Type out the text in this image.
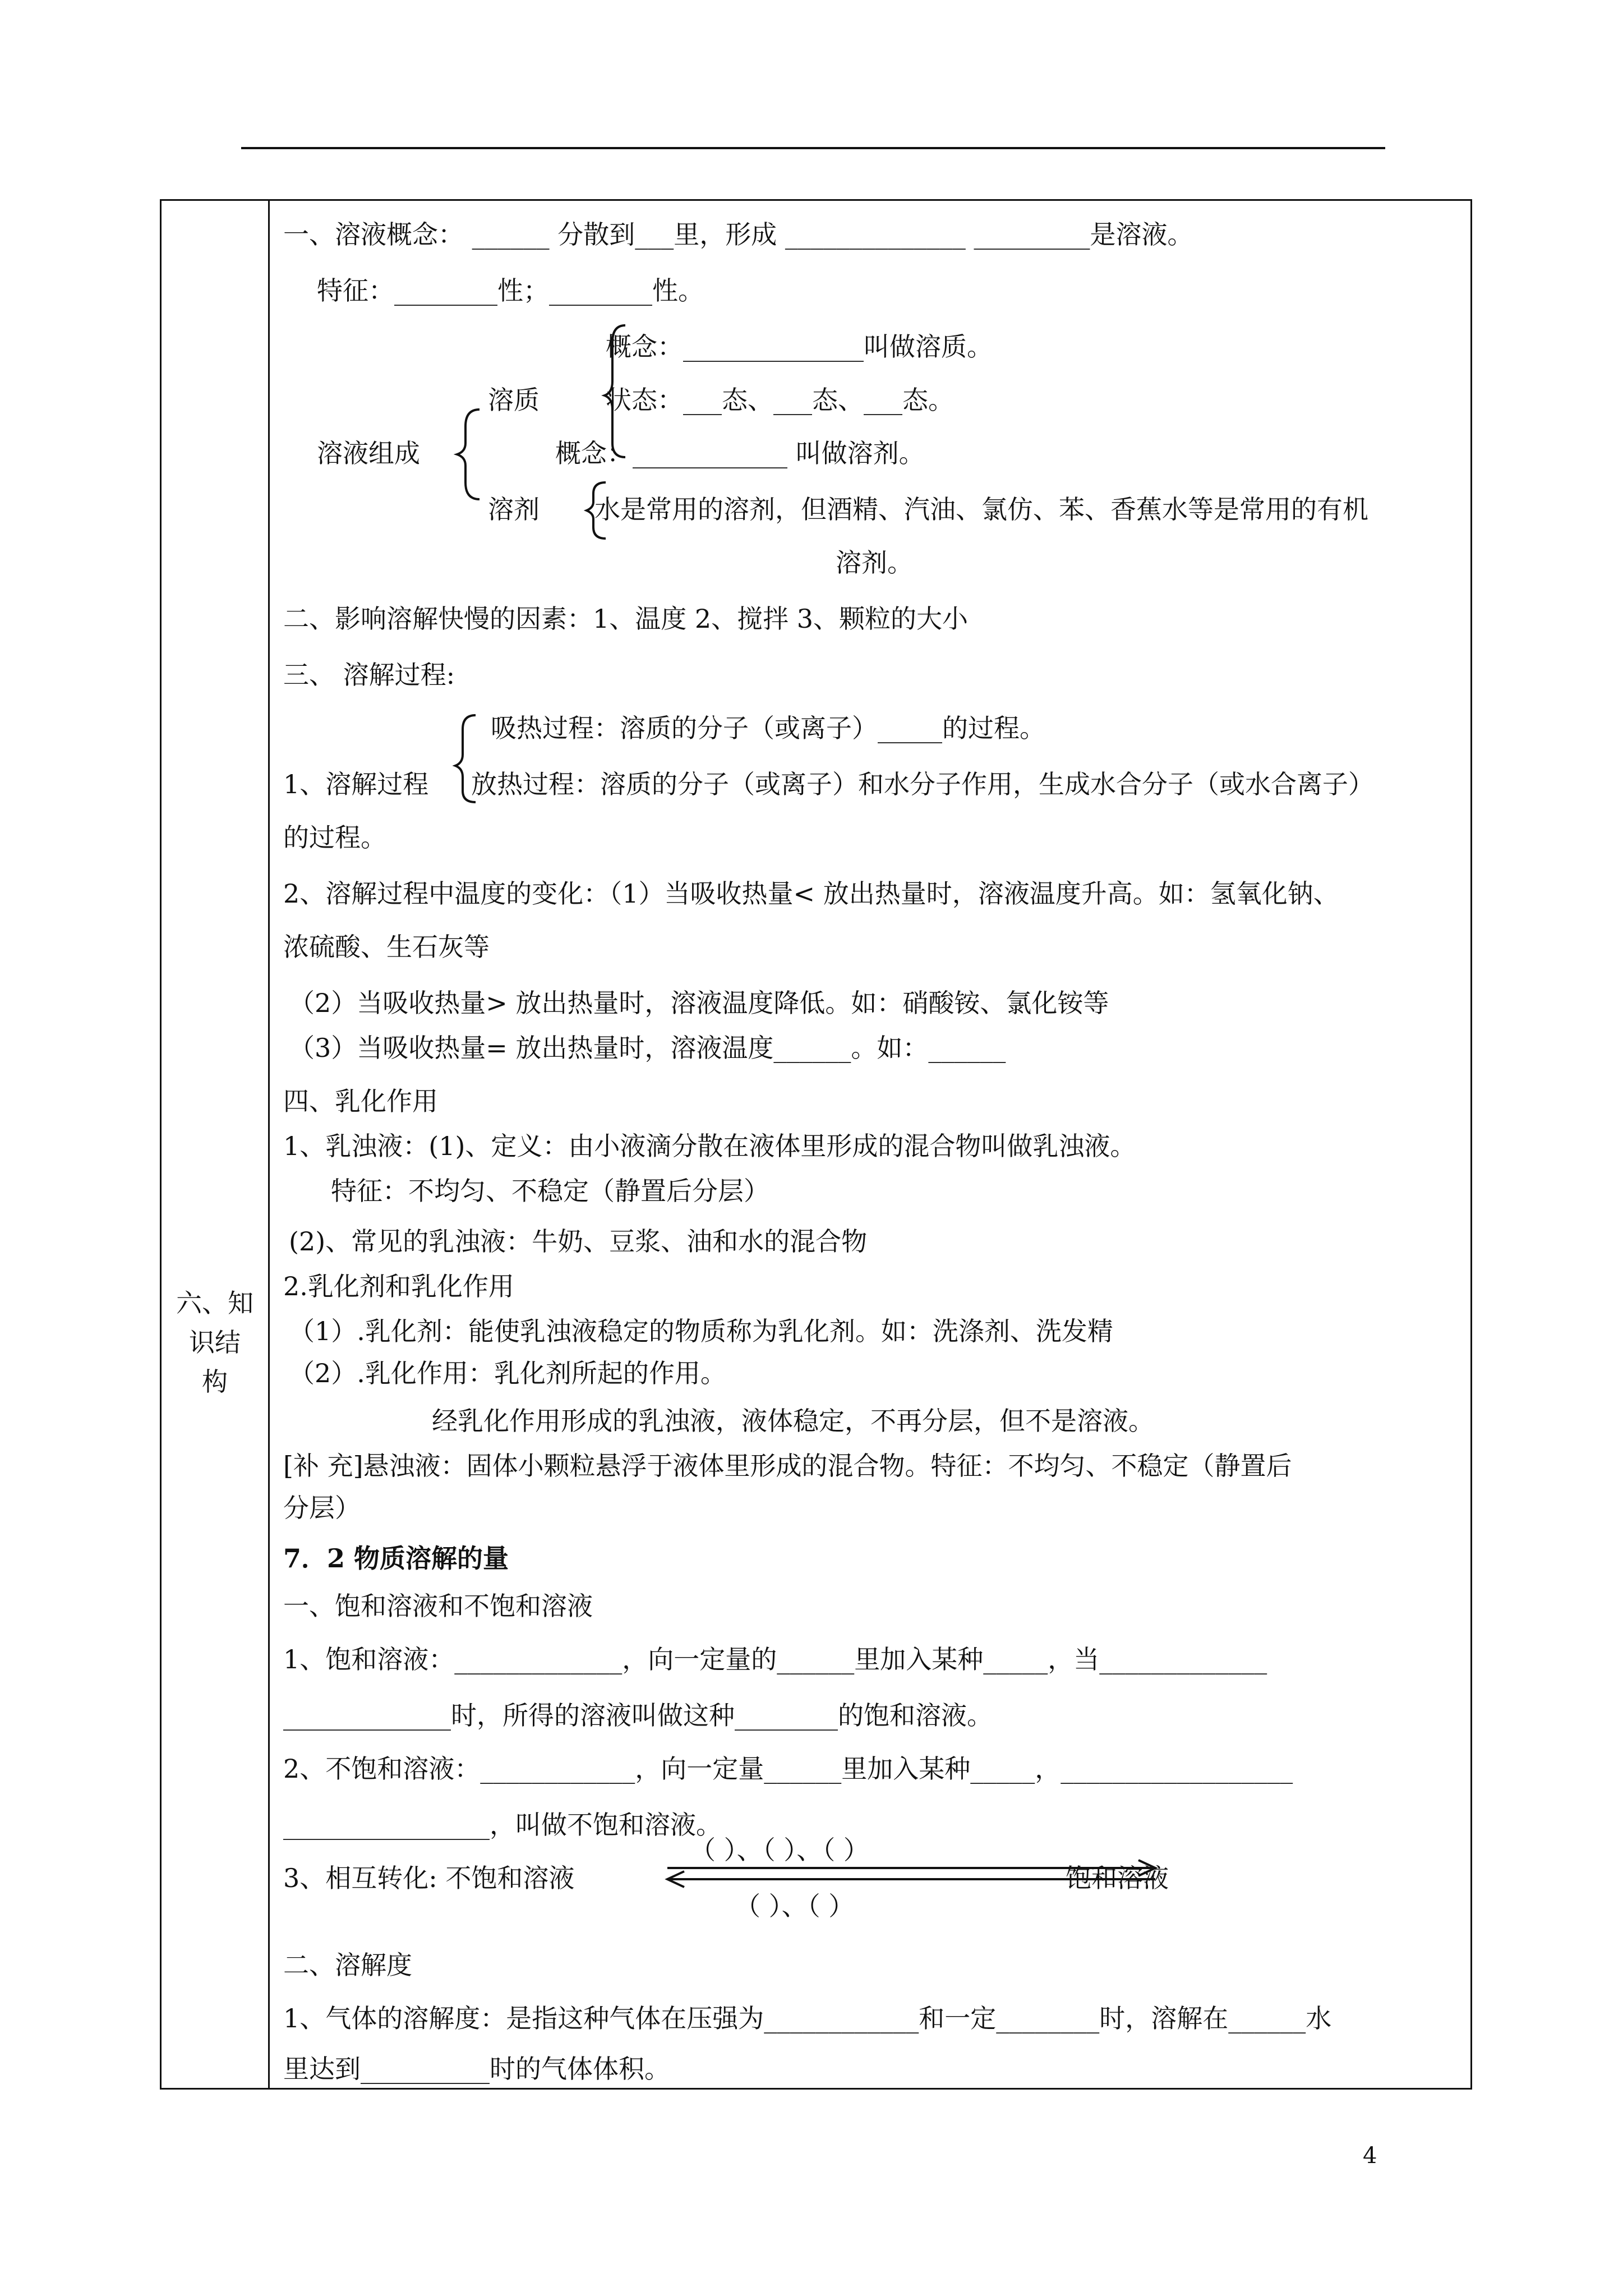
六、知
识结
构
一、溶液概念： ______ 分散到___里，形成 ______________ _________是溶液。
特征：________性；________性。
概念：______________叫做溶质。
溶质	状态：___态、___态、___态。
溶液组成	概念：____________ 叫做溶剂。
溶剂 水是常用的溶剂，但酒精、汽油、氯仿、苯、香蕉水等是常用的有机
溶剂。
二、影响溶解快慢的因素：1、温度 2、搅拌 3、颗粒的大小
三、 溶解过程:
吸热过程：溶质的分子（或离子）_____的过程。
1、溶解过程 放热过程：溶质的分子（或离子）和水分子作用，生成水合分子（或水合离子）
的过程。
2、溶解过程中温度的变化：（1）当吸收热量< 放出热量时，溶液温度升高。如：氢氧化钠、
浓硫酸、生石灰等
（2）当吸收热量> 放出热量时，溶液温度降低。如：硝酸铵、氯化铵等
（3）当吸收热量= 放出热量时，溶液温度______。如：______
四、乳化作用
1、乳浊液：(1)、定义：由小液滴分散在液体里形成的混合物叫做乳浊液。
特征：不均匀、不稳定（静置后分层）
(2)、常见的乳浊液：牛奶、豆浆、油和水的混合物
2.乳化剂和乳化作用
（1）.乳化剂：能使乳浊液稳定的物质称为乳化剂。如：洗涤剂、洗发精
（2）.乳化作用：乳化剂所起的作用。
经乳化作用形成的乳浊液，液体稳定，不再分层，但不是溶液。
[补 充]悬浊液：固体小颗粒悬浮于液体里形成的混合物。特征：不均匀、不稳定（静置后
分层）
7．2 物质溶解的量
一、饱和溶液和不饱和溶液
1、饱和溶液：_____________，向一定量的______里加入某种_____，当_____________
_____________时，所得的溶液叫做这种________的饱和溶液。
2、不饱和溶液：____________，向一定量______里加入某种_____，__________________
________________，叫做不饱和溶液。
3、相互转化: 不饱和溶液
（ ）、（ ）、（ ）
饱和溶液
（ ）、（ ）
二、溶解度
1、气体的溶解度：是指这种气体在压强为____________和一定________时，溶解在______水
里达到__________时的气体体积。
4
